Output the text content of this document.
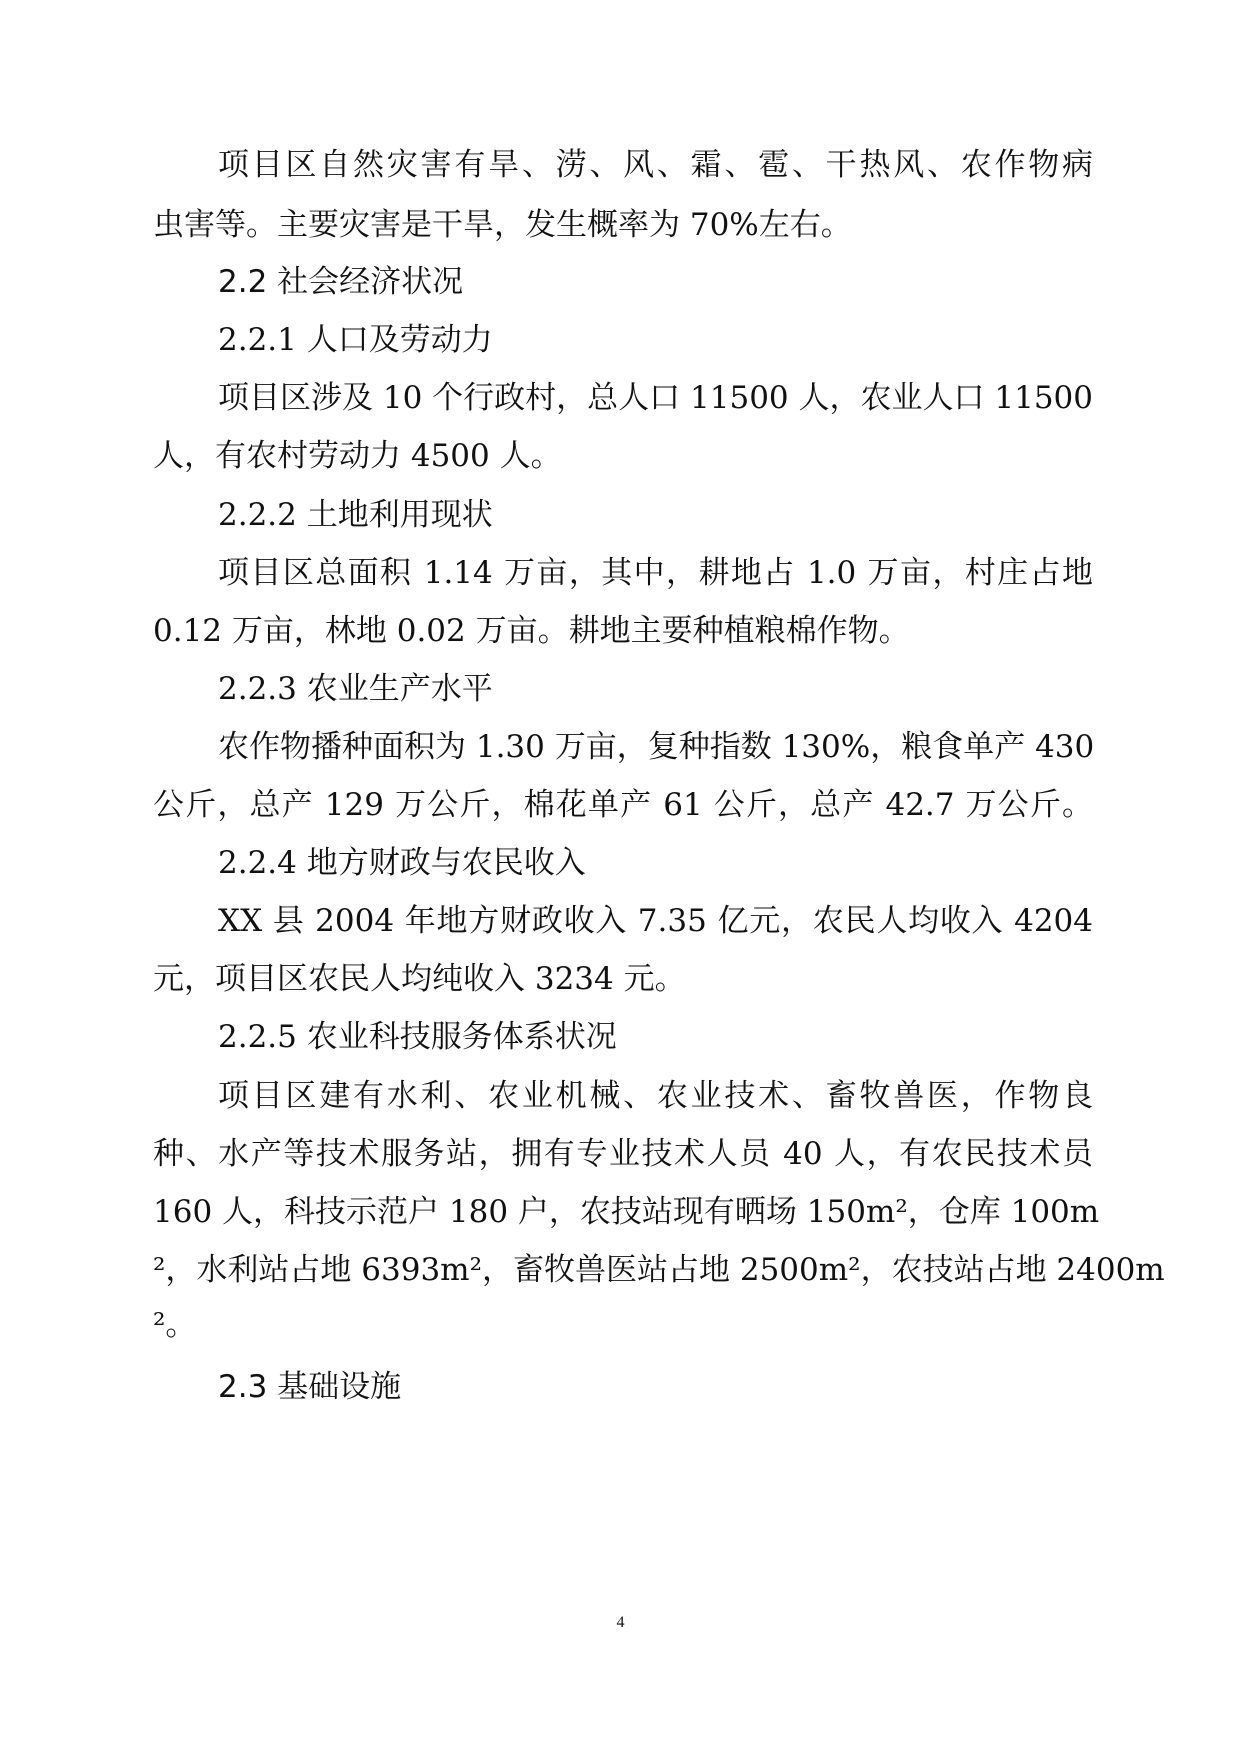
项目区自然灾害有旱、涝、风、霜、雹、干热风、农作物病
虫害等。主要灾害是干旱，发生概率为 70%左右。
2.2 社会经济状况
2.2.1 人口及劳动力
项目区涉及 10 个行政村，总人口 11500 人，农业人口 11500
人，有农村劳动力 4500 人。
2.2.2 土地利用现状
项目区总面积 1.14 万亩，其中，耕地占 1.0 万亩，村庄占地
0.12 万亩，林地 0.02 万亩。耕地主要种植粮棉作物。
2.2.3 农业生产水平
农作物播种面积为 1.30 万亩，复种指数 130%，粮食单产 430
公斤，总产 129 万公斤，棉花单产 61 公斤，总产 42.7 万公斤。
2.2.4 地方财政与农民收入
XX 县 2004 年地方财政收入 7.35 亿元，农民人均收入 4204
元，项目区农民人均纯收入 3234 元。
2.2.5 农业科技服务体系状况
项目区建有水利、农业机械、农业技术、畜牧兽医，作物良
种、水产等技术服务站，拥有专业技术人员 40 人，有农民技术员
160 人，科技示范户 180 户，农技站现有晒场 150m²，仓库 100m
²，水利站占地 6393m²，畜牧兽医站占地 2500m²，农技站占地 2400m
²。
2.3 基础设施
4
